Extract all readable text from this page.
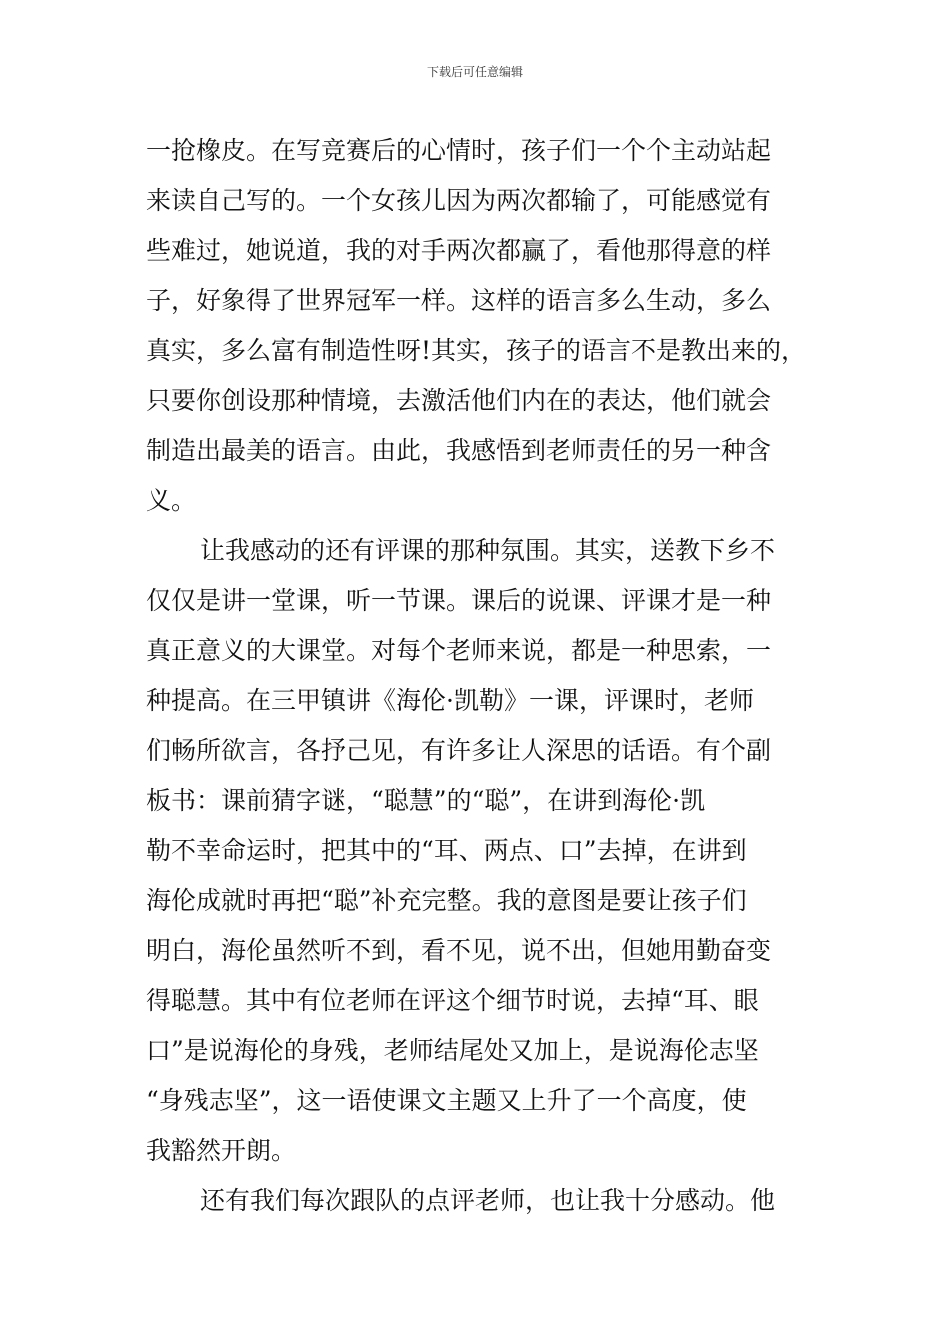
下载后可任意编辑
一抢橡皮。在写竞赛后的心情时，孩子们一个个主动站起
来读自己写的。一个女孩儿因为两次都输了，可能感觉有
些难过，她说道，我的对手两次都赢了，看他那得意的样
子，好象得了世界冠军一样。这样的语言多么生动，多么
真实，多么富有制造性呀!其实，孩子的语言不是教出来的，
只要你创设那种情境，去激活他们内在的表达，他们就会
制造出最美的语言。由此，我感悟到老师责任的另一种含
义。
让我感动的还有评课的那种氛围。其实，送教下乡不
仅仅是讲一堂课，听一节课。课后的说课、评课才是一种
真正意义的大课堂。对每个老师来说，都是一种思索，一
种提高。在三甲镇讲《海伦·凯勒》一课，评课时，老师
们畅所欲言，各抒己见，有许多让人深思的话语。有个副
板书：课前猜字谜，“聪慧”的“聪”，在讲到海伦·凯
勒不幸命运时，把其中的“耳、两点、口”去掉，在讲到
海伦成就时再把“聪”补充完整。我的意图是要让孩子们
明白，海伦虽然听不到，看不见，说不出，但她用勤奋变
得聪慧。其中有位老师在评这个细节时说，去掉“耳、眼
口”是说海伦的身残，老师结尾处又加上，是说海伦志坚
“身残志坚”，这一语使课文主题又上升了一个高度，使
我豁然开朗。
还有我们每次跟队的点评老师，也让我十分感动。他
